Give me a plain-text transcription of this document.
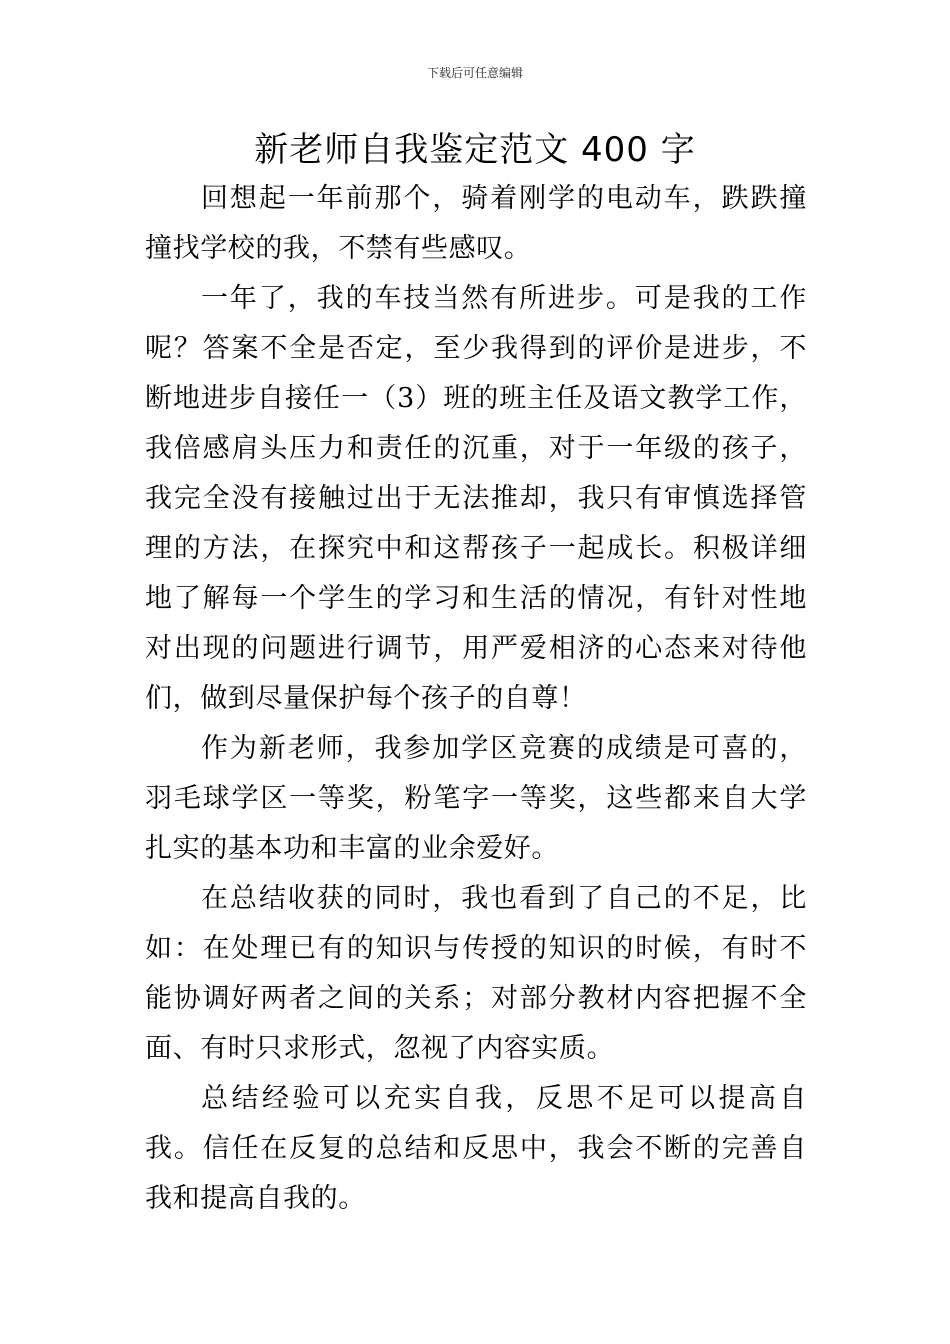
下载后可任意编辑
新老师自我鉴定范文 400 字

回想起一年前那个，骑着刚学的电动车，跌跌撞撞找学校的我，不禁有些感叹。

一年了，我的车技当然有所进步。可是我的工作呢？答案不全是否定，至少我得到的评价是进步，不断地进步自接任一（3）班的班主任及语文教学工作，我倍感肩头压力和责任的沉重，对于一年级的孩子，我完全没有接触过出于无法推却，我只有审慎选择管理的方法，在探究中和这帮孩子一起成长。积极详细地了解每一个学生的学习和生活的情况，有针对性地对出现的问题进行调节，用严爱相济的心态来对待他们，做到尽量保护每个孩子的自尊！

作为新老师，我参加学区竞赛的成绩是可喜的，羽毛球学区一等奖，粉笔字一等奖，这些都来自大学扎实的基本功和丰富的业余爱好。

在总结收获的同时，我也看到了自己的不足，比如：在处理已有的知识与传授的知识的时候，有时不能协调好两者之间的关系；对部分教材内容把握不全面、有时只求形式，忽视了内容实质。

总结经验可以充实自我，反思不足可以提高自我。信任在反复的总结和反思中，我会不断的完善自我和提高自我的。
